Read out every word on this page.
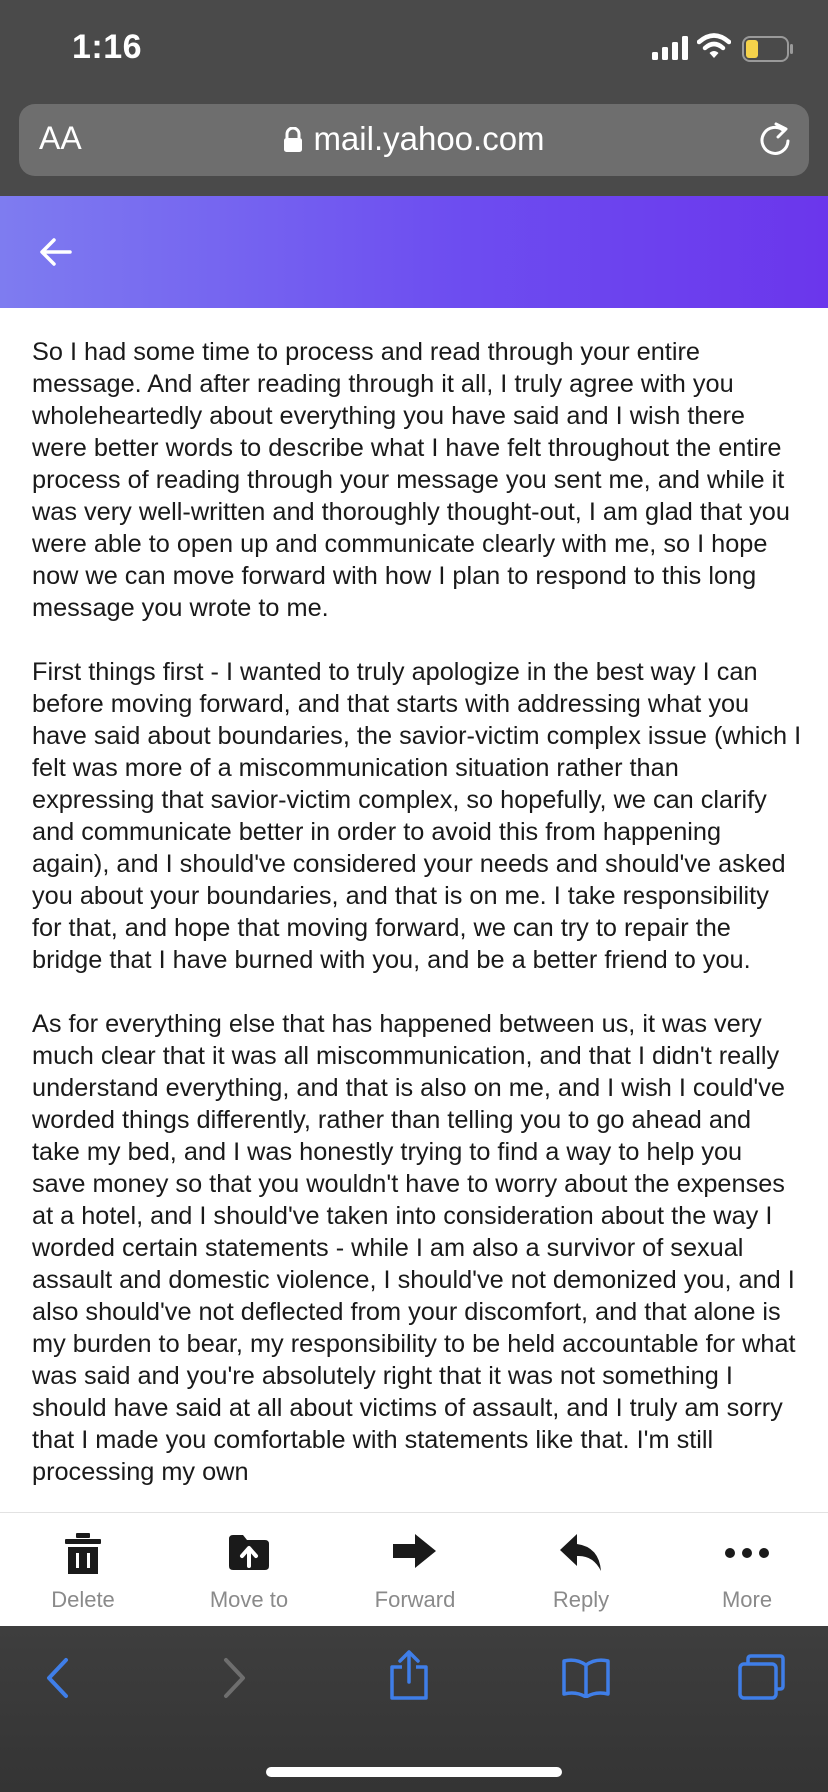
1:16
AA	mail.yahoo.com

So I had some time to process and read through your entire message. And after reading through it all, I truly agree with you wholeheartedly about everything you have said and I wish there were better words to describe what I have felt throughout the entire process of reading through your message you sent me, and while it was very well-written and thoroughly thought-out, I am glad that you were able to open up and communicate clearly with me, so I hope now we can move forward with how I plan to respond to this long message you wrote to me.

First things first - I wanted to truly apologize in the best way I can before moving forward, and that starts with addressing what you have said about boundaries, the savior-victim complex issue (which I felt was more of a miscommunication situation rather than expressing that savior-victim complex, so hopefully, we can clarify and communicate better in order to avoid this from happening again), and I should've considered your needs and should've asked you about your boundaries, and that is on me. I take responsibility for that, and hope that moving forward, we can try to repair the bridge that I have burned with you, and be a better friend to you.

As for everything else that has happened between us, it was very much clear that it was all miscommunication, and that I didn't really understand everything, and that is also on me, and I wish I could've worded things differently, rather than telling you to go ahead and take my bed, and I was honestly trying to find a way to help you save money so that you wouldn't have to worry about the expenses at a hotel, and I should've taken into consideration about the way I worded certain statements - while I am also a survivor of sexual assault and domestic violence, I should've not demonized you, and I also should've not deflected from your discomfort, and that alone is my burden to bear, my responsibility to be held accountable for what was said and you're absolutely right that it was not something I should have said at all about victims of assault, and I truly am sorry that I made you comfortable with statements like that. I'm still processing my own

Delete	Move to	Forward	Reply	More
